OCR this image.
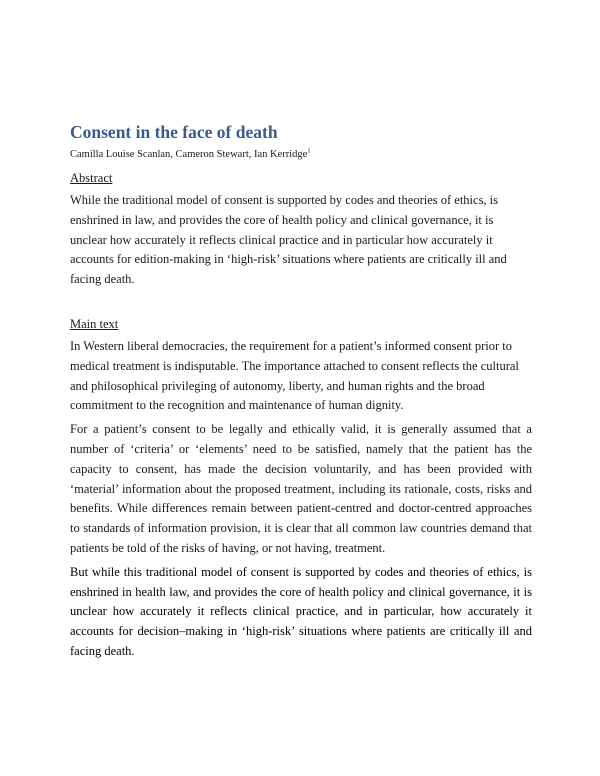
Consent in the face of death
Camilla Louise Scanlan, Cameron Stewart, Ian Kerridge$^1$
Abstract

While the traditional model of consent is supported by codes and theories of ethics, is enshrined in law, and provides the core of health policy and clinical governance, it is unclear how accurately it reflects clinical practice and in particular how accurately it accounts for edition-making in ‘high-risk’ situations where patients are critically ill and facing death.

Main text

In Western liberal democracies, the requirement for a patient’s informed consent prior to medical treatment is indisputable. The importance attached to consent reflects the cultural and philosophical privileging of autonomy, liberty, and human rights and the broad commitment to the recognition and maintenance of human dignity.

For a patient’s consent to be legally and ethically valid, it is generally assumed that a number of ‘criteria’ or ‘elements’ need to be satisfied, namely that the patient has the capacity to consent, has made the decision voluntarily, and has been provided with ‘material’ information about the proposed treatment, including its rationale, costs, risks and benefits. While differences remain between patient-centred and doctor-centred approaches to standards of information provision, it is clear that all common law countries demand that patients be told of the risks of having, or not having, treatment.

But while this traditional model of consent is supported by codes and theories of ethics, is enshrined in health law, and provides the core of health policy and clinical governance, it is unclear how accurately it reflects clinical practice, and in particular, how accurately it accounts for decision–making in ‘high-risk’ situations where patients are critically ill and facing death.
